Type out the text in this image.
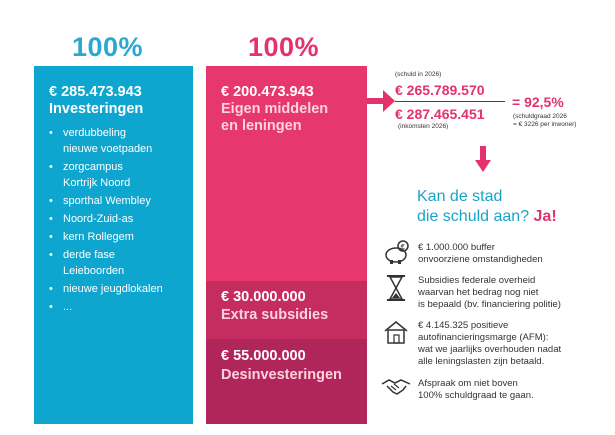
100%	100%
€ 285.473.943
Investeringen
• verdubbeling
nieuwe voetpaden
• zorgcampus
Kortrijk Noord
• sporthal Wembley
• Noord-Zuid-as
• kern Rollegem
• derde fase
Leieboorden
• nieuwe jeugdlokalen
• ...
€ 200.473.943
Eigen middelen
en leningen
€ 30.000.000
Extra subsidies
€ 55.000.000
Desinvesteringen
(schuld in 2026)
€ 265.789.570
€ 287.465.451
(inkomsten 2026)
= 92,5%
(schuldgraad 2026
= € 3226 per inwoner)
Kan de stad
die schuld aan? Ja!
€ € 1.000.000 buffer
onvoorziene omstandigheden
Subsidies federale overheid
waarvan het bedrag nog niet
is bepaald (bv. financiering politie)
€ 4.145.325 positieve
autofinancieringsmarge (AFM):
wat we jaarlijks overhouden nadat
alle leningslasten zijn betaald.
Afspraak om niet boven
100% schuldgraad te gaan.
